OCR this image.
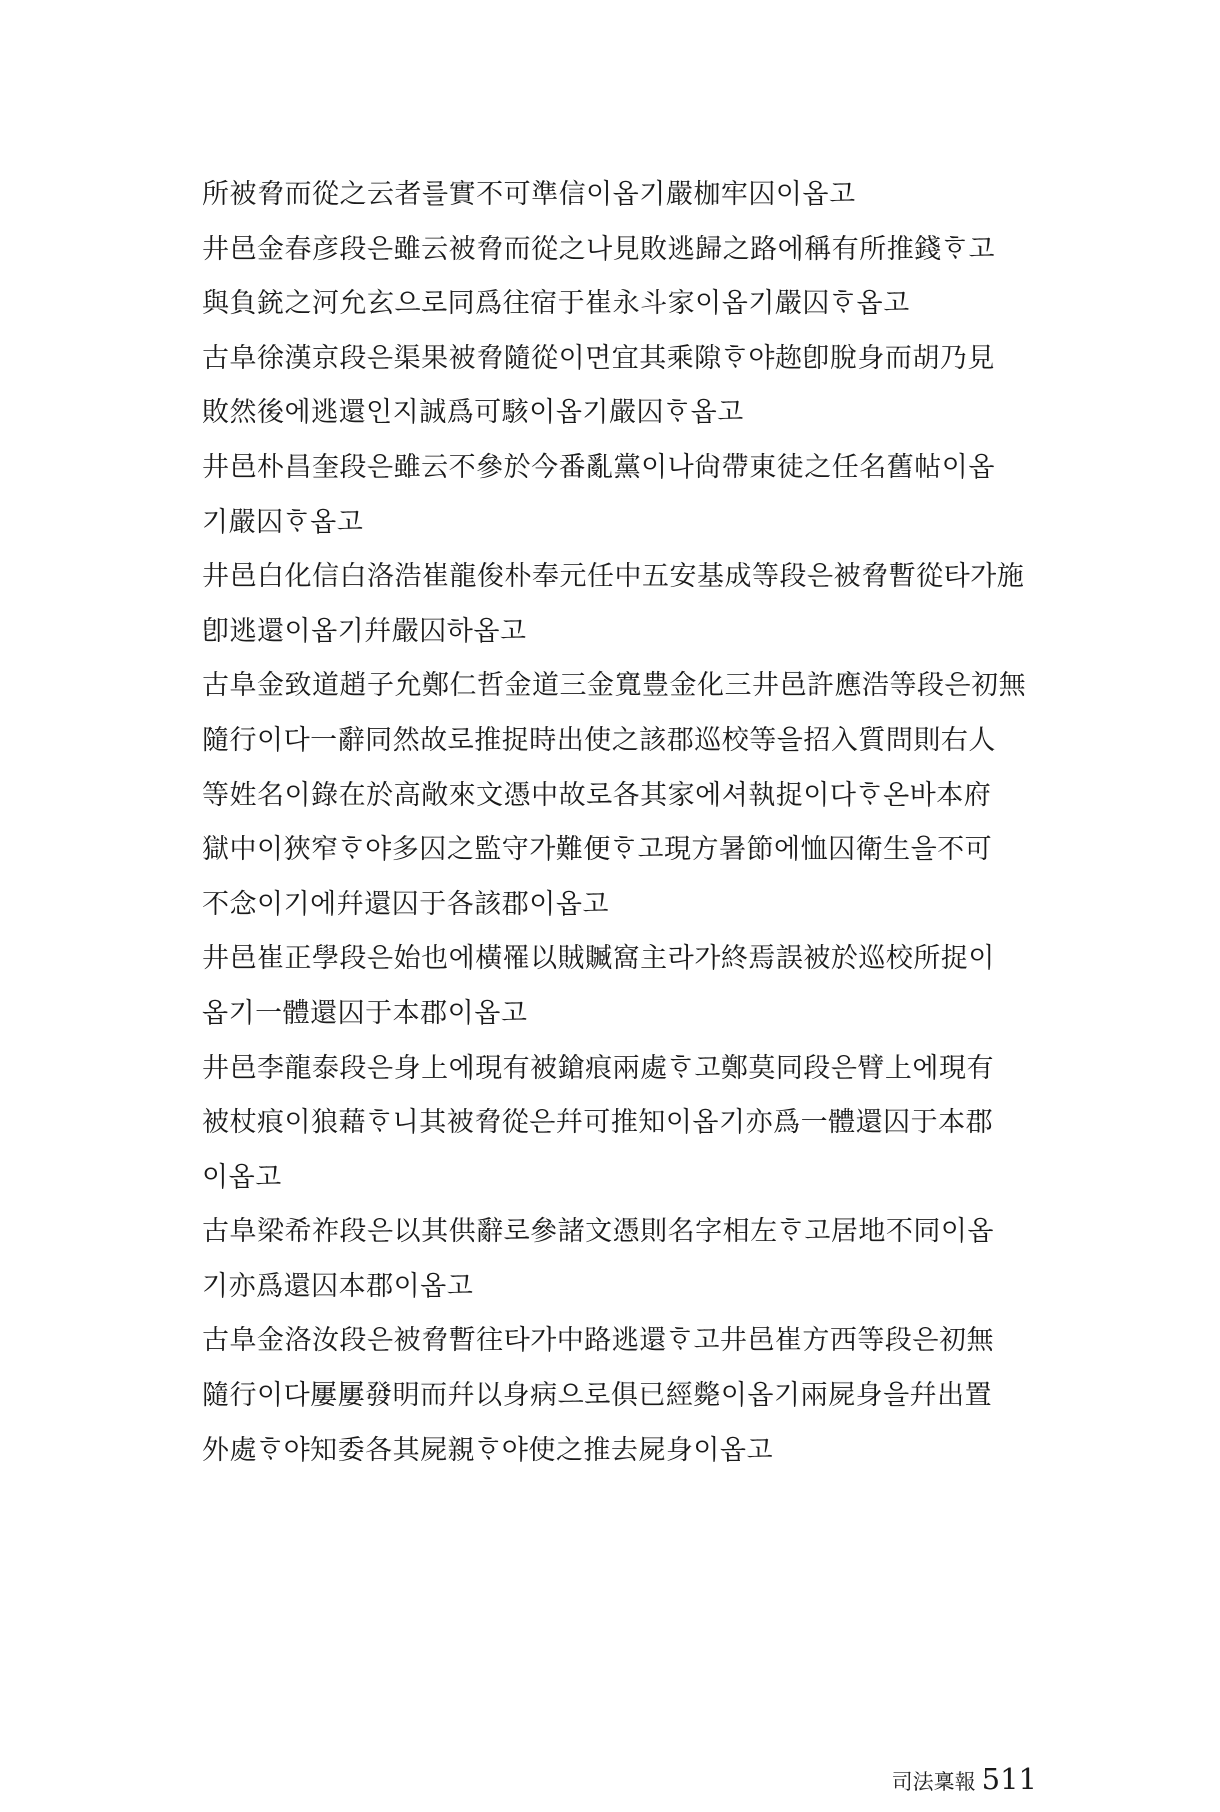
所被脅而從之云者를實不可準信이옵기嚴枷牢囚이옵고
井邑金春彦段은雖云被脅而從之나見敗逃歸之路에稱有所推錢ᄒᆞ고
與負銃之河允玄으로同爲往宿于崔永斗家이옵기嚴囚ᄒᆞ옵고
古阜徐漢京段은渠果被脅隨從이면宜其乘隙ᄒᆞ야趂卽脫身而胡乃見
敗然後에逃還인지誠爲可駭이옵기嚴囚ᄒᆞ옵고
井邑朴昌奎段은雖云不參於今番亂黨이나尙帶東徒之任名舊帖이옵
기嚴囚ᄒᆞ옵고
井邑白化信白洛浩崔龍俊朴奉元任中五安基成等段은被脅暫從타가施
卽逃還이옵기幷嚴囚하옵고
古阜金致道趙子允鄭仁哲金道三金寬豊金化三井邑許應浩等段은初無
隨行이다一辭同然故로推捉時出使之該郡巡校等을招入質問則右人
等姓名이錄在於高敞來文憑中故로各其家에셔執捉이다ᄒᆞ온바本府
獄中이狹窄ᄒᆞ야多囚之監守가難便ᄒᆞ고現方暑節에恤囚衛生을不可
不念이기에幷還囚于各該郡이옵고
井邑崔正學段은始也에橫罹以賊贓窩主라가終焉誤被於巡校所捉이
옵기一體還囚于本郡이옵고
井邑李龍泰段은身上에現有被鎗痕兩處ᄒᆞ고鄭莫同段은臂上에現有
被杖痕이狼藉ᄒᆞ니其被脅從은幷可推知이옵기亦爲一體還囚于本郡
이옵고
古阜梁希祚段은以其供辭로參諸文憑則名字相左ᄒᆞ고居地不同이옵
기亦爲還囚本郡이옵고
古阜金洛汝段은被脅暫往타가中路逃還ᄒᆞ고井邑崔方西等段은初無
隨行이다屢屢發明而幷以身病으로俱已經斃이옵기兩屍身을幷出置
外處ᄒᆞ야知委各其屍親ᄒᆞ야使之推去屍身이옵고
司法稟報 511
